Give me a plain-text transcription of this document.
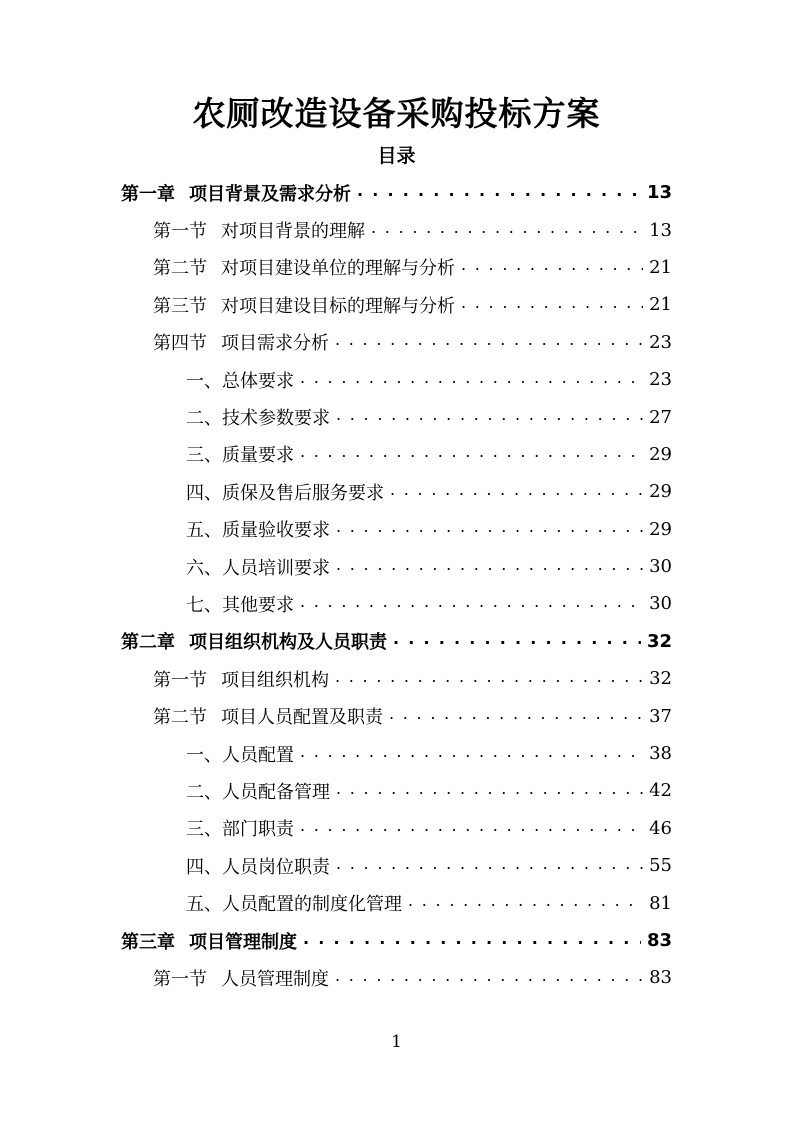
农厕改造设备采购投标方案
目录
第一章 项目背景及需求分析 . . .	13
第一节 对项目背景的理解 . . .	13
第二节 对项目建设单位的理解与分析 . . .	21
第三节 对项目建设目标的理解与分析 . . .	21
第四节 项目需求分析 . . .	23
一、总体要求 . . .	23
二、技术参数要求 . . .	27
三、质量要求 . . .	29
四、质保及售后服务要求 . . .	29
五、质量验收要求 . . .	29
六、人员培训要求 . . .	30
七、其他要求 . . .	30
第二章 项目组织机构及人员职责 . . .	32
第一节 项目组织机构 . . .	32
第二节 项目人员配置及职责 . . .	37
一、人员配置 . . .	38
二、人员配备管理 . . .	42
三、部门职责 . . .	46
四、人员岗位职责 . . .	55
五、人员配置的制度化管理 . . .	81
第三章 项目管理制度 . . .	83
第一节 人员管理制度 . . .	83
1
